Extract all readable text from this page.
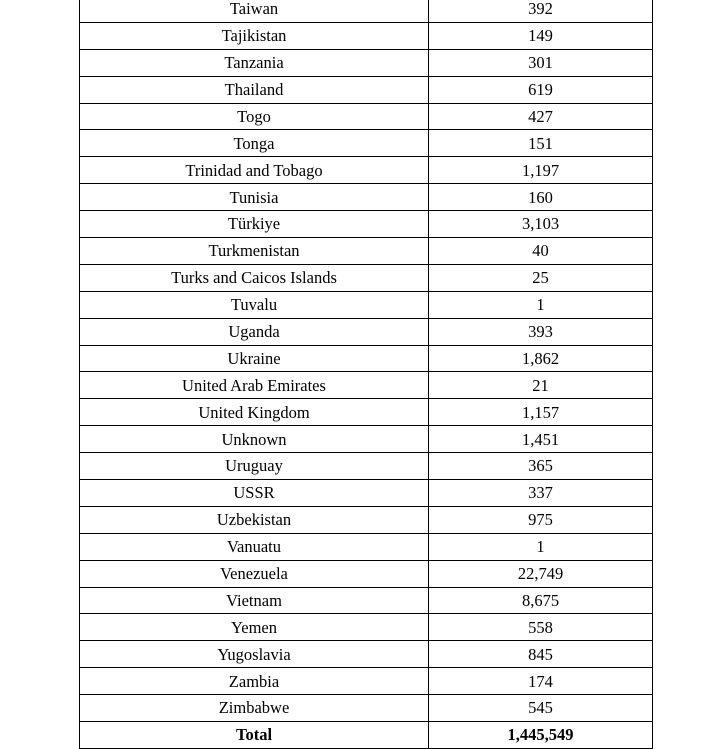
Taiwan	392
Tajikistan	149
Tanzania	301
Thailand	619
Togo	427
Tonga	151
Trinidad and Tobago	1,197
Tunisia	160
Türkiye	3,103
Turkmenistan	40
Turks and Caicos Islands	25
Tuvalu	1
Uganda	393
Ukraine	1,862
United Arab Emirates	21
United Kingdom	1,157
Unknown	1,451
Uruguay	365
USSR	337
Uzbekistan	975
Vanuatu	1
Venezuela	22,749
Vietnam	8,675
Yemen	558
Yugoslavia	845
Zambia	174
Zimbabwe	545
Total	1,445,549
